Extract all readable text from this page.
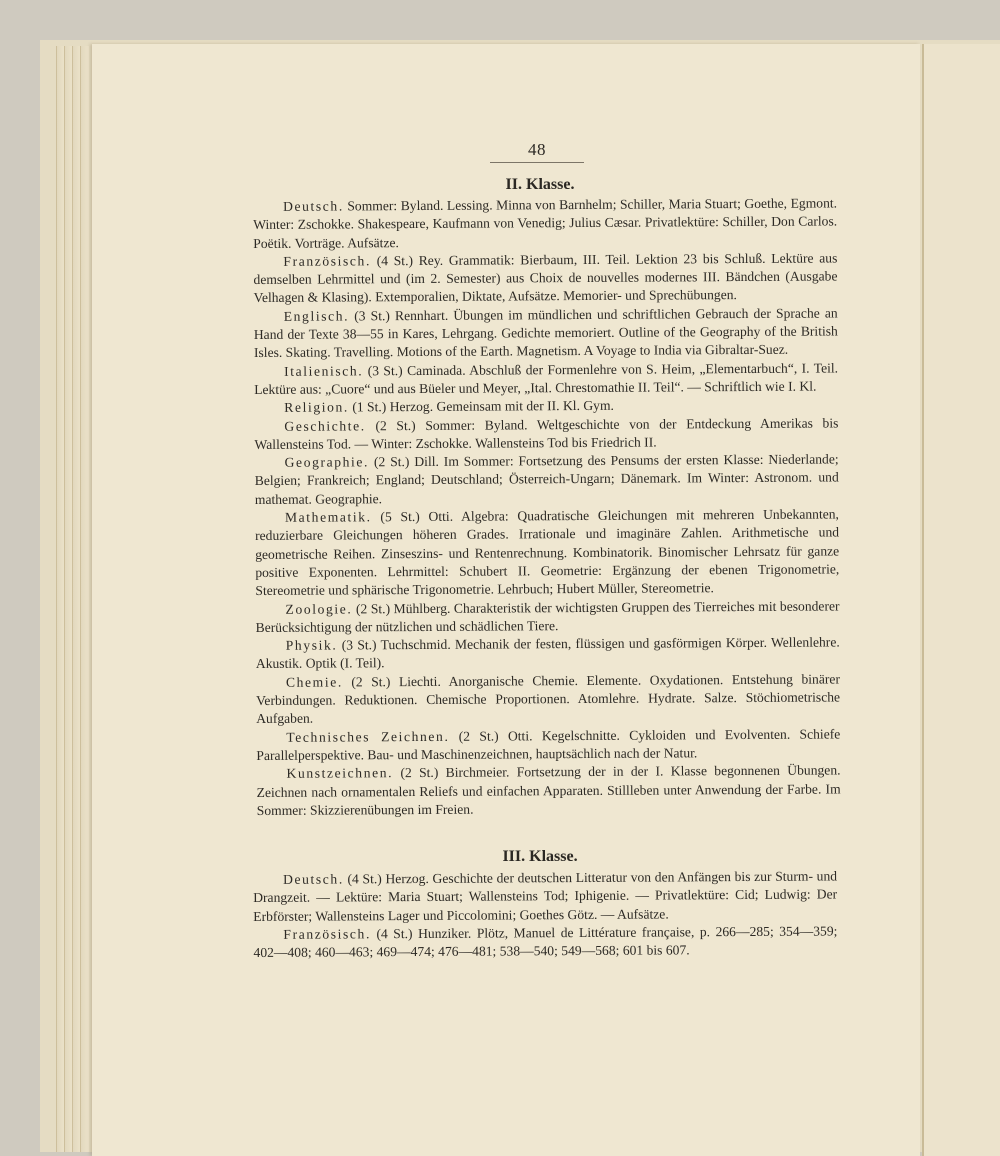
48
II. Klasse.

Deutsch. Sommer: Byland. Lessing. Minna von Barnhelm; Schiller, Maria Stuart; Goethe, Egmont. Winter: Zschokke. Shakespeare, Kaufmann von Venedig; Julius Cæsar. Privatlektüre: Schiller, Don Carlos. Poëtik. Vorträge. Aufsätze.

Französisch. (4 St.) Rey. Grammatik: Bierbaum, III. Teil. Lektion 23 bis Schluß. Lektüre aus demselben Lehrmittel und (im 2. Semester) aus Choix de nouvelles modernes III. Bändchen (Ausgabe Velhagen & Klasing). Extemporalien, Diktate, Aufsätze. Memorier- und Sprechübungen.

Englisch. (3 St.) Rennhart. Übungen im mündlichen und schriftlichen Gebrauch der Sprache an Hand der Texte 38—55 in Kares, Lehrgang. Gedichte memoriert. Outline of the Geography of the British Isles. Skating. Travelling. Motions of the Earth. Magnetism. A Voyage to India via Gibraltar-Suez.

Italienisch. (3 St.) Caminada. Abschluß der Formenlehre von S. Heim, „Elementarbuch“, I. Teil. Lektüre aus: „Cuore“ und aus Büeler und Meyer, „Ital. Chrestomathie II. Teil“. — Schriftlich wie I. Kl.

Religion. (1 St.) Herzog. Gemeinsam mit der II. Kl. Gym.

Geschichte. (2 St.) Sommer: Byland. Weltgeschichte von der Entdeckung Amerikas bis Wallensteins Tod. — Winter: Zschokke. Wallensteins Tod bis Friedrich II.

Geographie. (2 St.) Dill. Im Sommer: Fortsetzung des Pensums der ersten Klasse: Niederlande; Belgien; Frankreich; England; Deutschland; Österreich-Ungarn; Dänemark. Im Winter: Astronom. und mathemat. Geographie.

Mathematik. (5 St.) Otti. Algebra: Quadratische Gleichungen mit mehreren Unbekannten, reduzierbare Gleichungen höheren Grades. Irrationale und imaginäre Zahlen. Arithmetische und geometrische Reihen. Zinseszins- und Rentenrechnung. Kombinatorik. Binomischer Lehrsatz für ganze positive Exponenten. Lehrmittel: Schubert II. Geometrie: Ergänzung der ebenen Trigonometrie, Stereometrie und sphärische Trigonometrie. Lehrbuch; Hubert Müller, Stereometrie.

Zoologie. (2 St.) Mühlberg. Charakteristik der wichtigsten Gruppen des Tierreiches mit besonderer Berücksichtigung der nützlichen und schädlichen Tiere.

Physik. (3 St.) Tuchschmid. Mechanik der festen, flüssigen und gasförmigen Körper. Wellenlehre. Akustik. Optik (I. Teil).

Chemie. (2 St.) Liechti. Anorganische Chemie. Elemente. Oxydationen. Entstehung binärer Verbindungen. Reduktionen. Chemische Proportionen. Atomlehre. Hydrate. Salze. Stöchiometrische Aufgaben.

Technisches Zeichnen. (2 St.) Otti. Kegelschnitte. Cykloiden und Evolventen. Schiefe Parallelperspektive. Bau- und Maschinenzeichnen, hauptsächlich nach der Natur.

Kunstzeichnen. (2 St.) Birchmeier. Fortsetzung der in der I. Klasse begonnenen Übungen. Zeichnen nach ornamentalen Reliefs und einfachen Apparaten. Stillleben unter Anwendung der Farbe. Im Sommer: Skizzierenübungen im Freien.

III. Klasse.

Deutsch. (4 St.) Herzog. Geschichte der deutschen Litteratur von den Anfängen bis zur Sturm- und Drangzeit. — Lektüre: Maria Stuart; Wallensteins Tod; Iphigenie. — Privatlektüre: Cid; Ludwig: Der Erbförster; Wallensteins Lager und Piccolomini; Goethes Götz. — Aufsätze.

Französisch. (4 St.) Hunziker. Plötz, Manuel de Littérature française, p. 266—285; 354—359; 402—408; 460—463; 469—474; 476—481; 538—540; 549—568; 601 bis 607.
